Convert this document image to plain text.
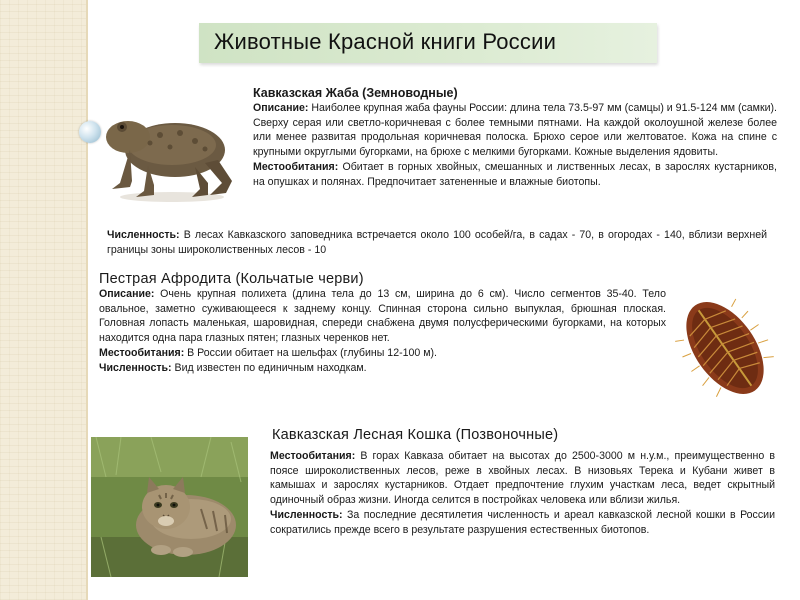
Животные Красной книги России

Кавказская Жаба (Земноводные)

Описание: Наиболее крупная жаба фауны России: длина тела 73.5-97 мм (самцы) и 91.5-124 мм (самки). Сверху серая или светло-коричневая с более темными пятнами. На каждой околоушной железе более или менее развитая продольная коричневая полоска. Брюхо серое или желтоватое. Кожа на спине с крупными округлыми бугорками, на брюхе с мелкими бугорками. Кожные выделения ядовиты.

Местообитания: Обитает в горных хвойных, смешанных и лиственных лесах, в зарослях кустарников, на опушках и полянах. Предпочитает затененные и влажные биотопы.

Численность: В лесах Кавказского заповедника встречается около 100 особей/га, в садах - 70, в огородах - 140, вблизи верхней границы зоны широколиственных лесов - 10

Пестрая Афродита (Кольчатые черви)

Описание: Очень крупная полихета (длина тела до 13 см, ширина до 6 см). Число сегментов 35-40. Тело овальное, заметно суживающееся к заднему концу. Спинная сторона сильно выпуклая, брюшная плоская. Головная лопасть маленькая, шаровидная, спереди снабжена двумя полусферическими бугорками, на которых находится одна пара глазных пятен; глазных черенков нет.

Местообитания: В России обитает на шельфах (глубины 12-100 м).

Численность: Вид известен по единичным находкам.

Кавказская Лесная Кошка (Позвоночные)

Местообитания: В горах Кавказа обитает на высотах до 2500-3000 м н.у.м., преимущественно в поясе широколиственных лесов, реже в хвойных лесах. В низовьях Терека и Кубани живет в камышах и зарослях кустарников. Отдает предпочтение глухим участкам леса, ведет скрытный одиночный образ жизни. Иногда селится в постройках человека или вблизи жилья.

Численность: За последние десятилетия численность и ареал кавказской лесной кошки в России сократились прежде всего в результате разрушения естественных биотопов.
